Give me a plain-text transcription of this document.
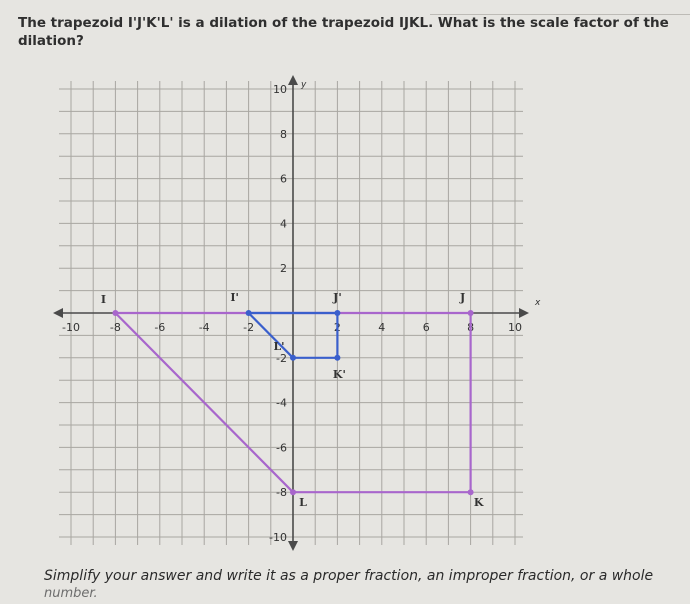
The trapezoid I'J'K'L' is a dilation of the trapezoid IJKL. What is the scale factor of the dilation?
x
y
-10	-8	-6	-4	-2	2	4	6	8	10
10
8
6
4
2
-2
-4
-6
-8
-10
I	J
K
L
I'	J'
K'
L'
Simplify your answer and write it as a proper fraction, an improper fraction, or a whole
number.
